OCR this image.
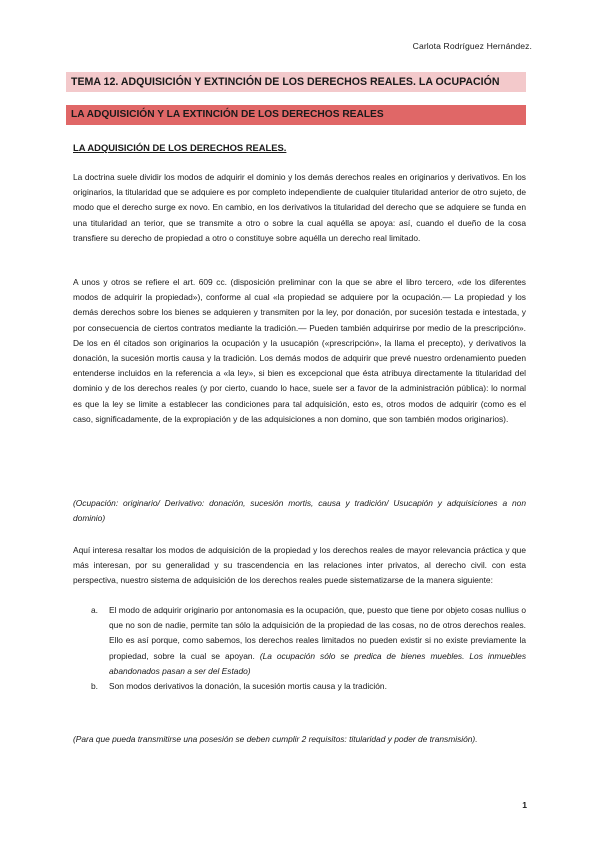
Carlota Rodríguez Hernández.
TEMA 12. ADQUISICIÓN Y EXTINCIÓN DE LOS DERECHOS REALES. LA OCUPACIÓN
LA ADQUISICIÓN Y LA EXTINCIÓN DE LOS DERECHOS REALES
LA ADQUISICIÓN DE LOS DERECHOS REALES.
La doctrina suele dividir los modos de adquirir el dominio y los demás derechos reales en originarios y derivativos. En los originarios, la titularidad que se adquiere es por completo independiente de cualquier titularidad anterior de otro sujeto, de modo que el derecho surge ex novo. En cambio, en los derivativos la titularidad del derecho que se adquiere se funda en una titularidad an terior, que se transmite a otro o sobre la cual aquélla se apoya: así, cuando el dueño de la cosa transfiere su derecho de propiedad a otro o constituye sobre aquélla un derecho real limitado.
A unos y otros se refiere el art. 609 cc. (disposición preliminar con la que se abre el libro tercero, «de los diferentes modos de adquirir la propiedad»), conforme al cual «la propiedad se adquiere por la ocupación.— La propiedad y los demás derechos sobre los bienes se adquieren y transmiten por la ley, por donación, por sucesión testada e intestada, y por consecuencia de ciertos contratos mediante la tradición.— Pueden también adquirirse por medio de la prescripción». De los en él citados son originarios la ocupación y la usucapión («prescripción», la llama el precepto), y derivativos la donación, la sucesión mortis causa y la tradición. Los demás modos de adquirir que prevé nuestro ordenamiento pueden entenderse incluidos en la referencia a «la ley», si bien es excepcional que ésta atribuya directamente la titularidad del dominio y de los derechos reales (y por cierto, cuando lo hace, suele ser a favor de la administración pública): lo normal es que la ley se limite a establecer las condiciones para tal adquisición, esto es, otros modos de adquirir (como es el caso, significadamente, de la expropiación y de las adquisiciones a non domino, que son también modos originarios).
(Ocupación: originario/ Derivativo: donación, sucesión mortis, causa y tradición/ Usucapión y adquisiciones a non dominio)
Aquí interesa resaltar los modos de adquisición de la propiedad y los derechos reales de mayor relevancia práctica y que más interesan, por su generalidad y su trascendencia en las relaciones inter privatos, al derecho civil. con esta perspectiva, nuestro sistema de adquisición de los derechos reales puede sistematizarse de la manera siguiente:
a. El modo de adquirir originario por antonomasia es la ocupación, que, puesto que tiene por objeto cosas nullius o que no son de nadie, permite tan sólo la adquisición de la propiedad de las cosas, no de otros derechos reales. Ello es así porque, como sabemos, los derechos reales limitados no pueden existir si no existe previamente la propiedad, sobre la cual se apoyan. (La ocupación sólo se predica de bienes muebles. Los inmuebles abandonados pasan a ser del Estado)
b. Son modos derivativos la donación, la sucesión mortis causa y la tradición.
(Para que pueda transmitirse una posesión se deben cumplir 2 requisitos: titularidad y poder de transmisión).
1
